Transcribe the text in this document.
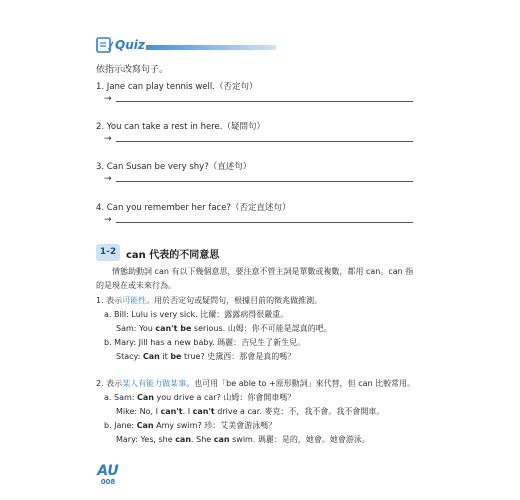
Quiz
依指示改寫句子。
1. Jane can play tennis well.（否定句）
→
2. You can take a rest in here.（疑問句）
→
3. Can Susan be very shy?（直述句）
→
4. Can you remember her face?（否定直述句）
→
1-2 can 代表的不同意思
情態助動詞 can 有以下幾個意思，要注意不管主詞是單數或複數，都用 can。can 指
的是現在或未來行為。
1. 表示可能性。用於否定句或疑問句，根據目前的徵兆做推測。
a. Bill: Lulu is very sick. 比爾：露露病得很嚴重。
Sam: You can't be serious. 山姆：你不可能是認真的吧。
b. Mary: Jill has a new baby. 瑪麗：吉兒生了新生兒。
Stacy: Can it be true? 史黛西：那會是真的嗎？
2. 表示某人有能力做某事。也可用「be able to +原形動詞」來代替，但 can 比較常用。
a. Sam: Can you drive a car? 山姆：你會開車嗎？
Mike: No, I can't. I can't drive a car. 麥克：不，我不會。我不會開車。
b. Jane: Can Amy swim? 珍：艾美會游泳嗎？
Mary: Yes, she can. She can swim. 瑪麗：是的，她會。她會游泳。
AU
008
